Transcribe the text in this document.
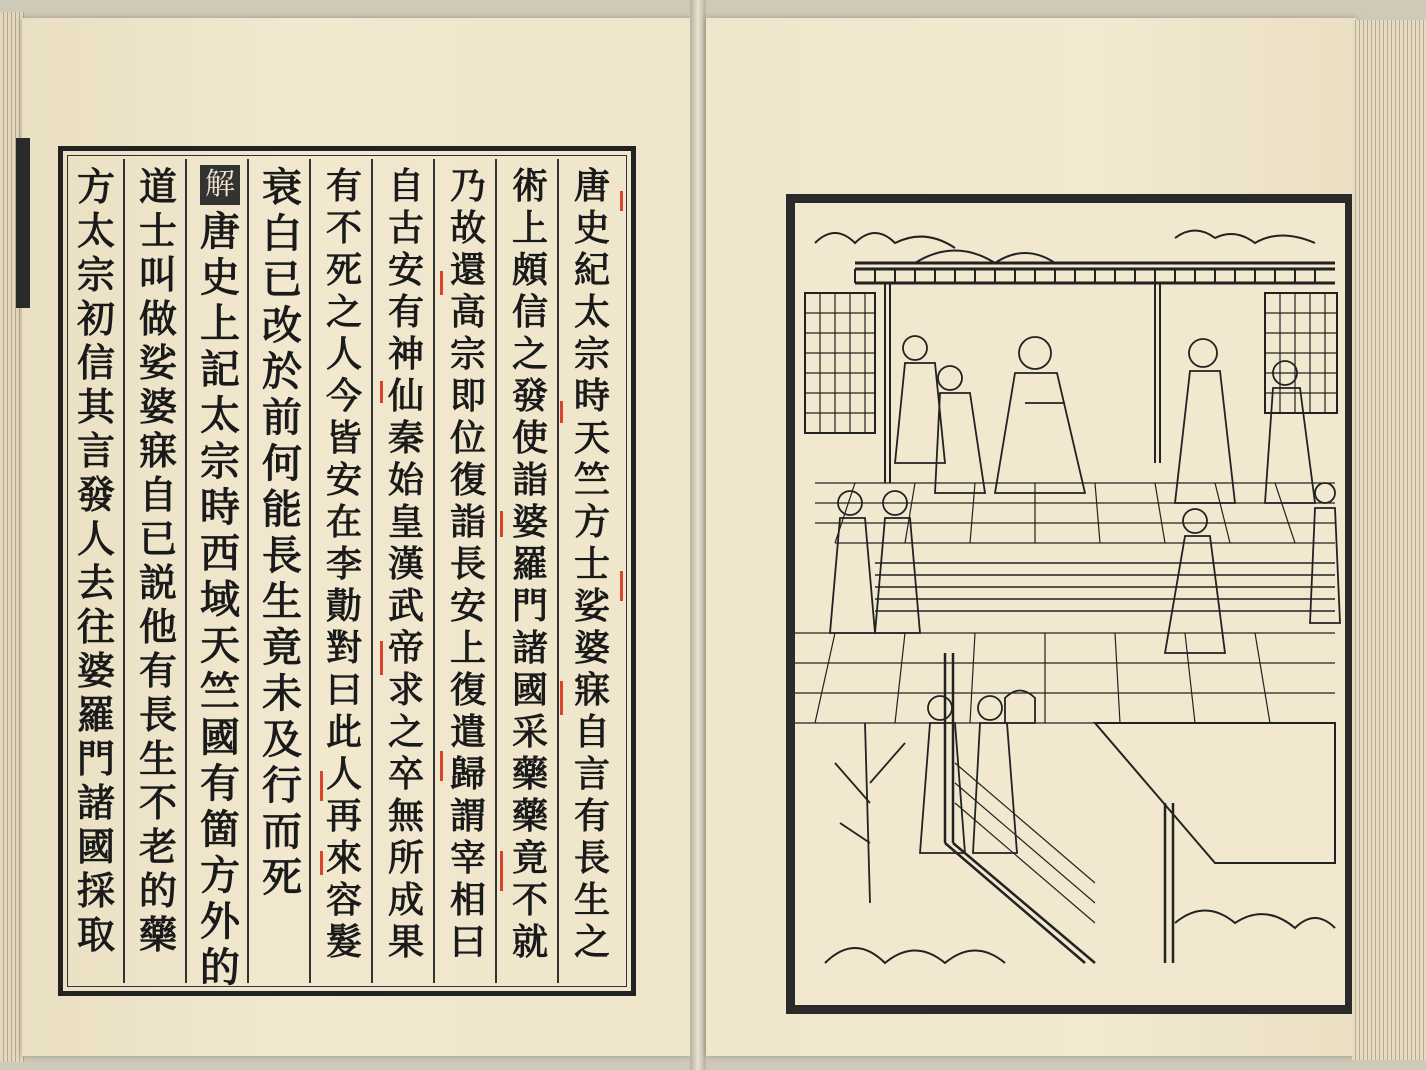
唐
史
紀
太
宗
時
天
竺
方
士
娑
婆
寐
自
言
有
長
生
之
術
上
頗
信
之
發
使
詣
婆
羅
門
諸
國
采
藥
藥
竟
不
就
乃
故
還
高
宗
即
位
復
詣
長
安
上
復
遣
歸
謂
宰
相
曰
自
古
安
有
神
仙
秦
始
皇
漢
武
帝
求
之
卒
無
所
成
果
有
不
死
之
人
今
皆
安
在
李
勣
對
曰
此
人
再
來
容
髮
衰
白
已
改
於
前
何
能
長
生
竟
未
及
行
而
死
解
唐
史
上
記
太
宗
時
西
域
天
竺
國
有
箇
方
外
的
道
士
叫
做
娑
婆
寐
自
已
説
他
有
長
生
不
老
的
藥
方
太
宗
初
信
其
言
發
人
去
往
婆
羅
門
諸
國
採
取
